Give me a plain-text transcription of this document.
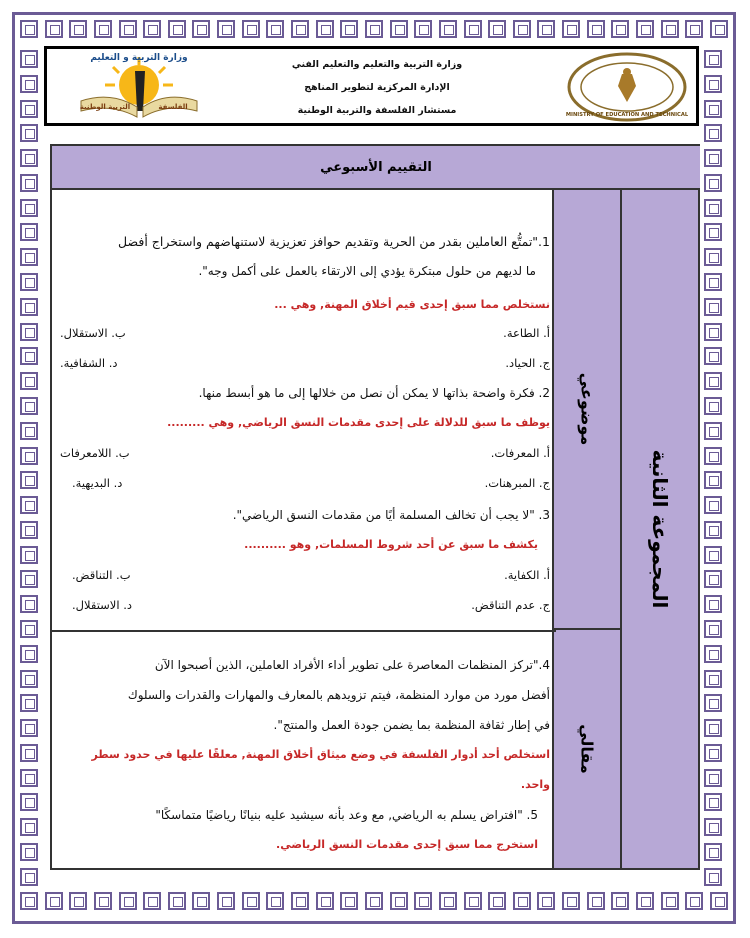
وزارة التربية و التعليم
التربية الوطنية	الفلسفة
وزارة التربية والتعليم والتعليم الفني
الإدارة المركزية لتطوير المناهج
مستشار الفلسفة والتربية الوطنية	MINISTRY OF EDUCATION AND TECHNICAL
التقييم الأسبوعي
المجموعة الثانية
موضوعي
مقالي
1."تمتُّع العاملين بقدر من الحرية وتقديم حوافز تعزيزية لاستنهاضهم واستخراج أفضل
ما لديهم من حلول مبتكرة يؤدي إلى الارتقاء بالعمل على أكمل وجه".
نستخلص مما سبق إحدى قيم أخلاق المهنة, وهي ...
أ. الطاعة.
ب. الاستقلال.
ج. الحياد.
د. الشفافية.
2. فكرة واضحة بذاتها لا يمكن أن نصل من خلالها إلى ما هو أبسط منها.
يوظف ما سبق للدلالة على إحدى مقدمات النسق الرياضي, وهي .........
أ. المعرفات.
ب. اللامعرفات
ج. المبرهنات.
د. البديهية.
3. "لا يجب أن تخالف المسلمة أيًا من مقدمات النسق الرياضي".
يكشف ما سبق عن أحد شروط المسلمات, وهو ..........
أ. الكفاية.
ب. التناقض.
ج. عدم التناقض.
د. الاستقلال.
4."تركز المنظمات المعاصرة على تطوير أداء الأفراد العاملين، الذين أصبحوا الآن
أفضل مورد من موارد المنظمة، فيتم تزويدهم بالمعارف والمهارات والقدرات والسلوك
في إطار ثقافة المنظمة بما يضمن جودة العمل والمنتج".
استخلص أحد أدوار الفلسفة في وضع ميثاق أخلاق المهنة, معلقًا عليها في حدود سطر
واحد.
5. "افتراض يسلم به الرياضي, مع وعد بأنه سيشيد عليه بنيانًا رياضيًا متماسكًا"
استخرج مما سبق إحدى مقدمات النسق الرياضي.
